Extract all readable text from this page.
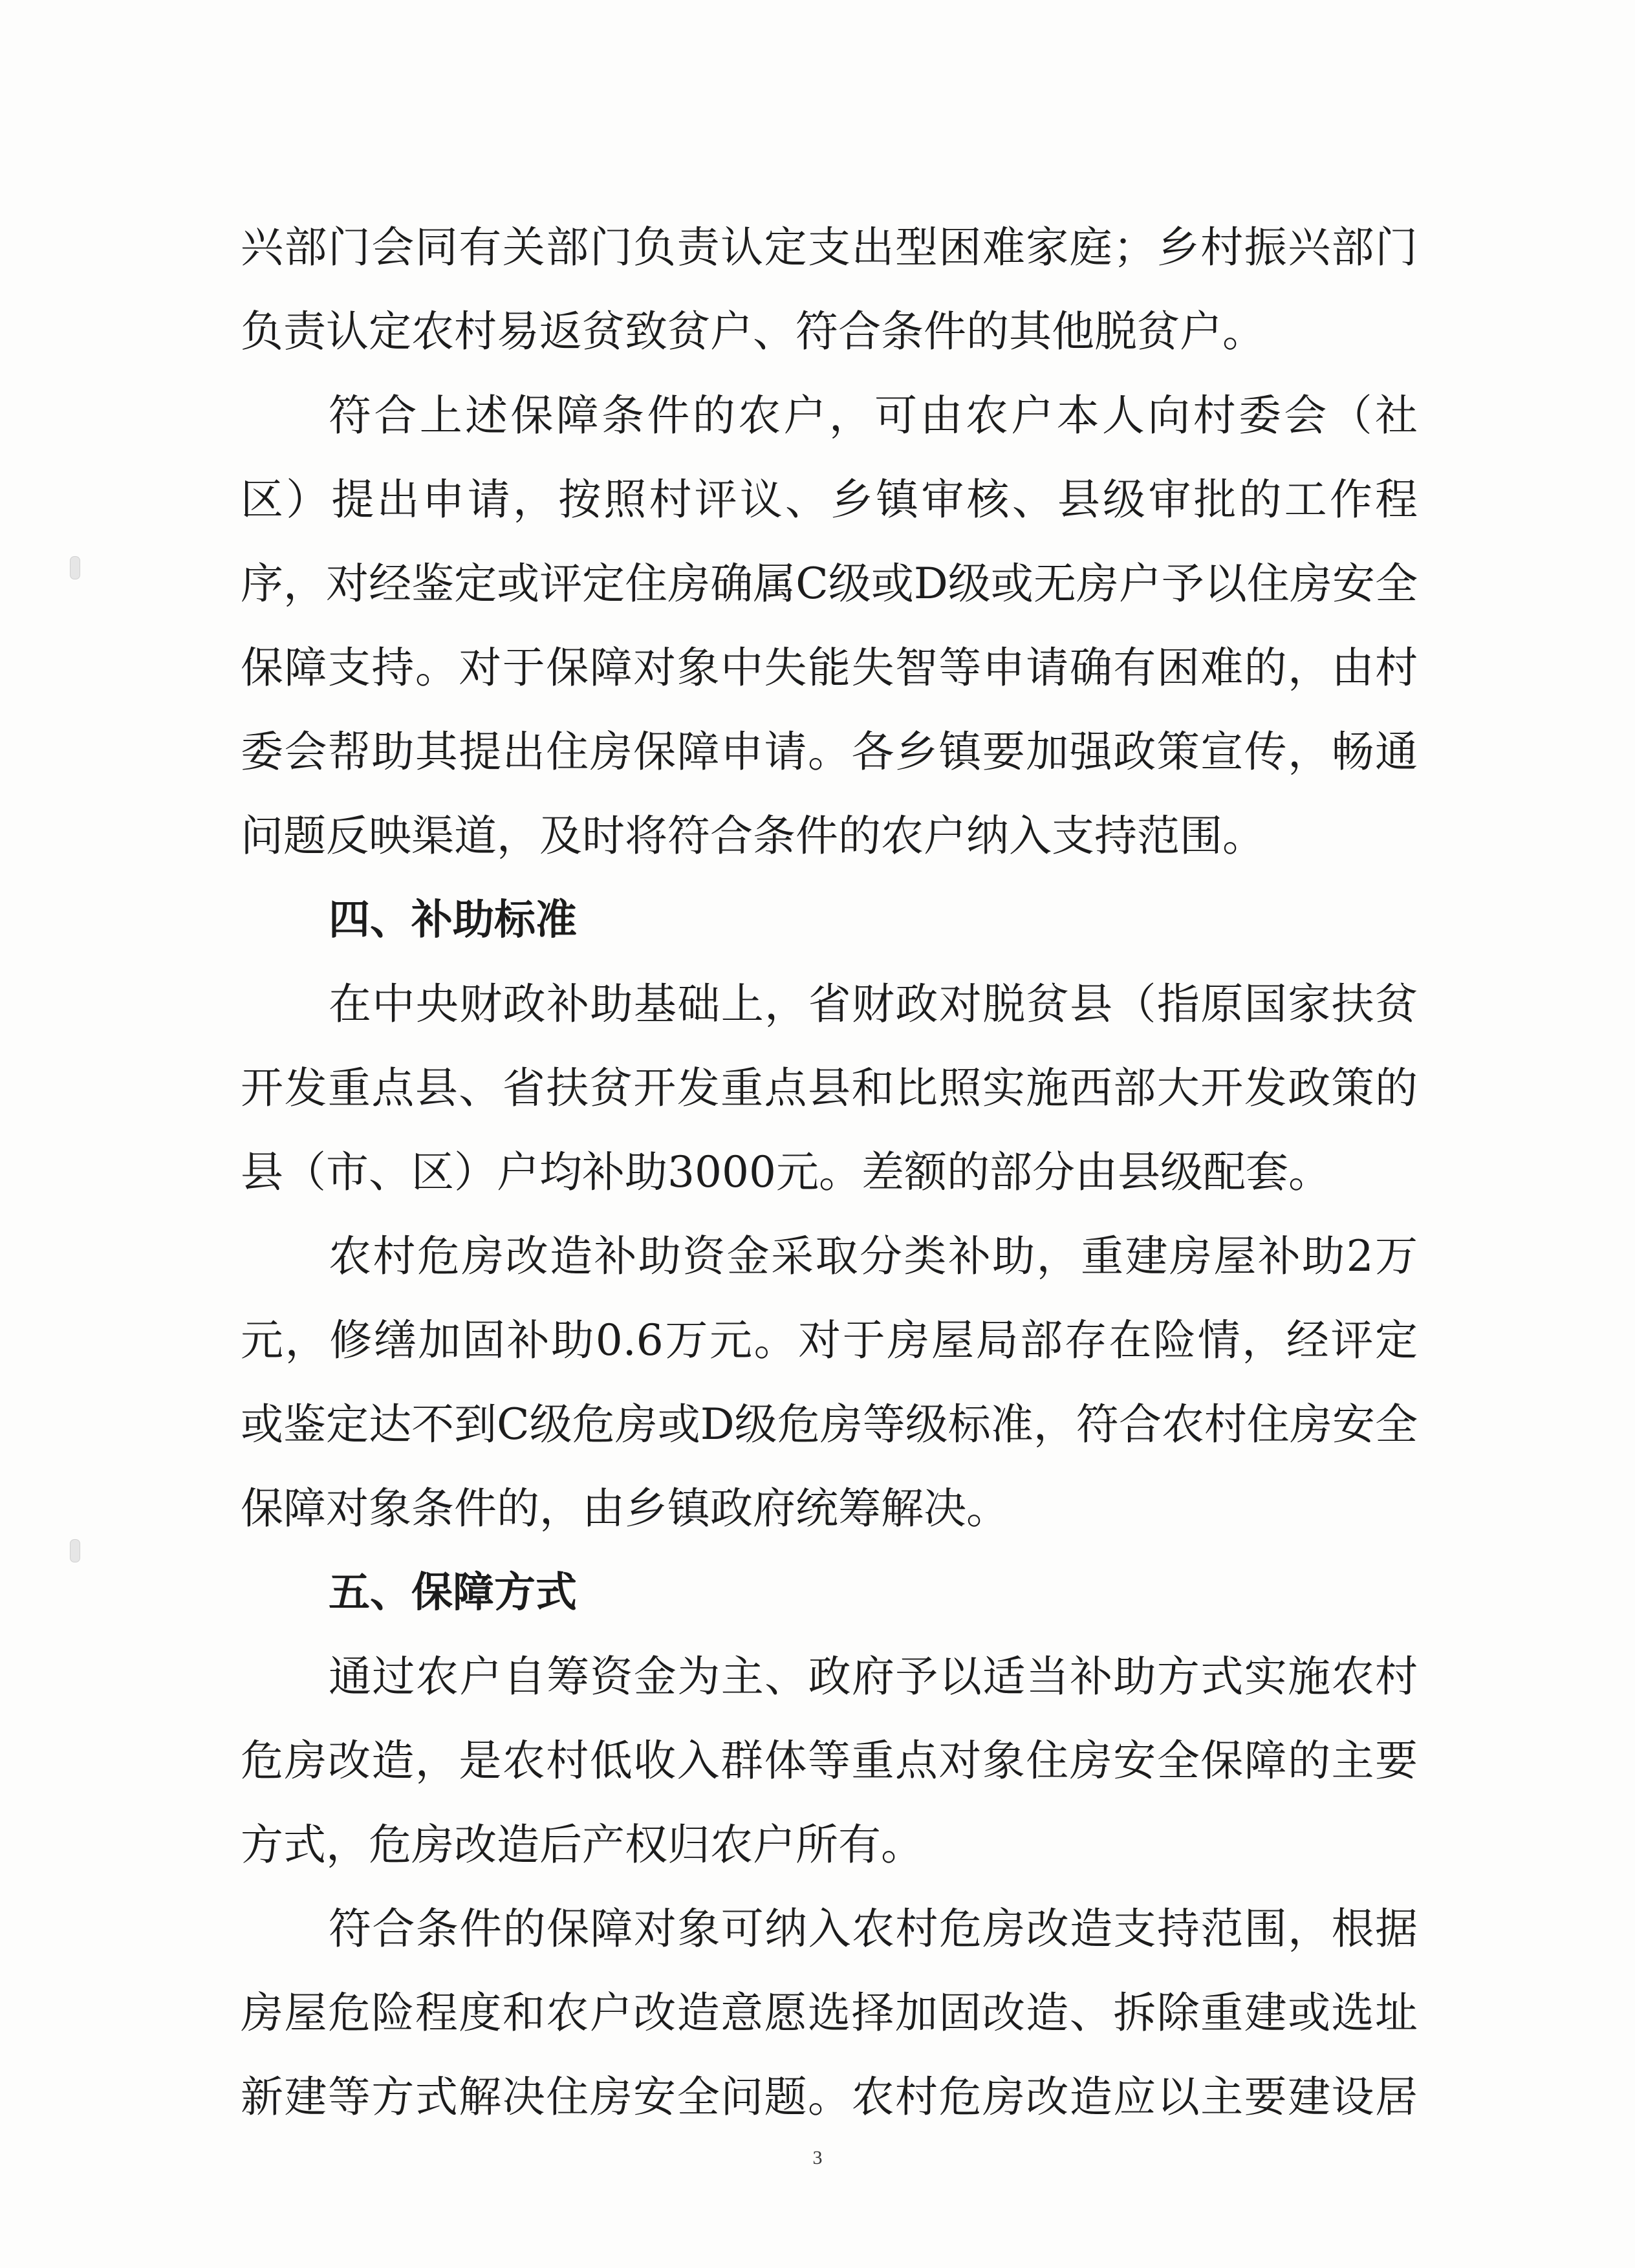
兴部门会同有关部门负责认定支出型困难家庭；乡村振兴部门
负责认定农村易返贫致贫户、符合条件的其他脱贫户。
符合上述保障条件的农户，可由农户本人向村委会（社
区）提出申请，按照村评议、乡镇审核、县级审批的工作程
序，对经鉴定或评定住房确属C级或D级或无房户予以住房安全
保障支持。对于保障对象中失能失智等申请确有困难的，由村
委会帮助其提出住房保障申请。各乡镇要加强政策宣传，畅通
问题反映渠道，及时将符合条件的农户纳入支持范围。
四、补助标准
在中央财政补助基础上，省财政对脱贫县（指原国家扶贫
开发重点县、省扶贫开发重点县和比照实施西部大开发政策的
县（市、区）户均补助3000元。差额的部分由县级配套。
农村危房改造补助资金采取分类补助，重建房屋补助2万
元，修缮加固补助0.6万元。对于房屋局部存在险情，经评定
或鉴定达不到C级危房或D级危房等级标准，符合农村住房安全
保障对象条件的，由乡镇政府统筹解决。
五、保障方式
通过农户自筹资金为主、政府予以适当补助方式实施农村
危房改造，是农村低收入群体等重点对象住房安全保障的主要
方式，危房改造后产权归农户所有。
符合条件的保障对象可纳入农村危房改造支持范围，根据
房屋危险程度和农户改造意愿选择加固改造、拆除重建或选址
新建等方式解决住房安全问题。农村危房改造应以主要建设居
3
